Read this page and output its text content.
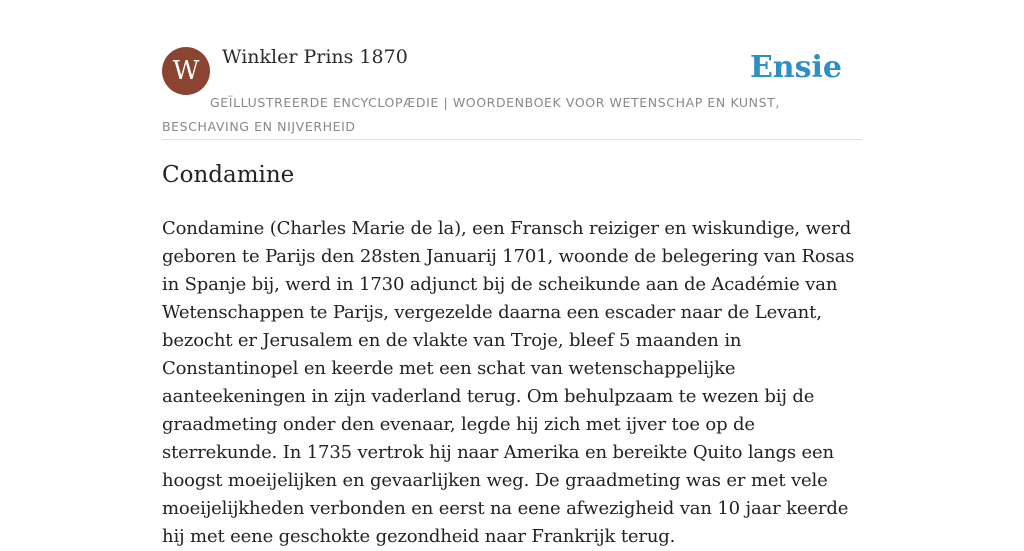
W	Winkler Prins 1870	Ensie
GEÏLLUSTREERDE ENCYCLOPÆDIE | WOORDENBOEK VOOR WETENSCHAP EN KUNST, BESCHAVING EN NIJVERHEID
Condamine

Condamine (Charles Marie de la), een Fransch reiziger en wiskundige, werd geboren te Parijs den 28sten Januarij 1701, woonde de belegering van Rosas in Spanje bij, werd in 1730 adjunct bij de scheikunde aan de Académie van Wetenschappen te Parijs, vergezelde daarna een escader naar de Levant, bezocht er Jerusalem en de vlakte van Troje, bleef 5 maanden in Constantinopel en keerde met een schat van wetenschappelijke aanteekeningen in zijn vaderland terug. Om behulpzaam te wezen bij de graadmeting onder den evenaar, legde hij zich met ijver toe op de sterrekunde. In 1735 vertrok hij naar Amerika en bereikte Quito langs een hoogst moeijelijken en gevaarlijken weg. De graadmeting was er met vele moeijelijkheden verbonden en eerst na eene afwezigheid van 10 jaar keerde hij met eene geschokte gezondheid naar Frankrijk terug.
